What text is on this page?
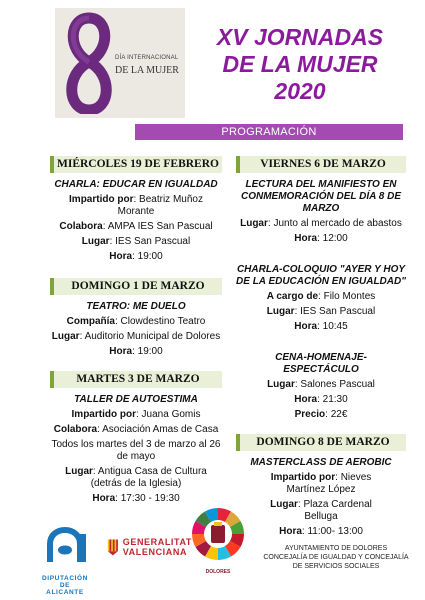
DÍA INTERNACIONAL
DE LA MUJER
XV JORNADAS
DE LA MUJER
2020
PROGRAMACIÓN
MIÉRCOLES 19 DE FEBRERO
CHARLA: EDUCAR EN IGUALDAD
Impartido por: Beatriz Muñoz Morante
Colabora: AMPA IES San Pascual
Lugar: IES San Pascual
Hora: 19:00
DOMINGO 1 DE MARZO
TEATRO: ME DUELO
Compañía: Clowdestino Teatro
Lugar: Auditorio Municipal de Dolores
Hora: 19:00
MARTES 3 DE MARZO
TALLER DE AUTOESTIMA
Impartido por: Juana Gomis
Colabora: Asociación Amas de Casa
Todos los martes del 3 de marzo al 26 de mayo
Lugar: Antigua Casa de Cultura (detrás de la Iglesia)
Hora: 17:30 - 19:30
VIERNES 6 DE MARZO
LECTURA DEL MANIFIESTO EN CONMEMORACIÓN DEL DÍA 8 DE MARZO
Lugar: Junto al mercado de abastos
Hora: 12:00
CHARLA-COLOQUIO "AYER Y HOY DE LA EDUCACIÓN EN IGUALDAD"
A cargo de: Filo Montes
Lugar: IES San Pascual
Hora: 10:45
CENA-HOMENAJE-ESPECTÁCULO
Lugar: Salones Pascual
Hora: 21:30
Precio: 22€
DOMINGO 8 DE MARZO
MASTERCLASS DE AEROBIC
Impartido por: Nieves Martínez López
Lugar: Plaza Cardenal Belluga
Hora: 11:00- 13:00
DIPUTACIÓN DE ALICANTE
GENERALITAT
VALENCIANA
DOLORES
AYUNTAMIENTO DE DOLORES
CONCEJALÍA DE IGUALDAD Y CONCEJALÍA
DE SERVICIOS SOCIALES
